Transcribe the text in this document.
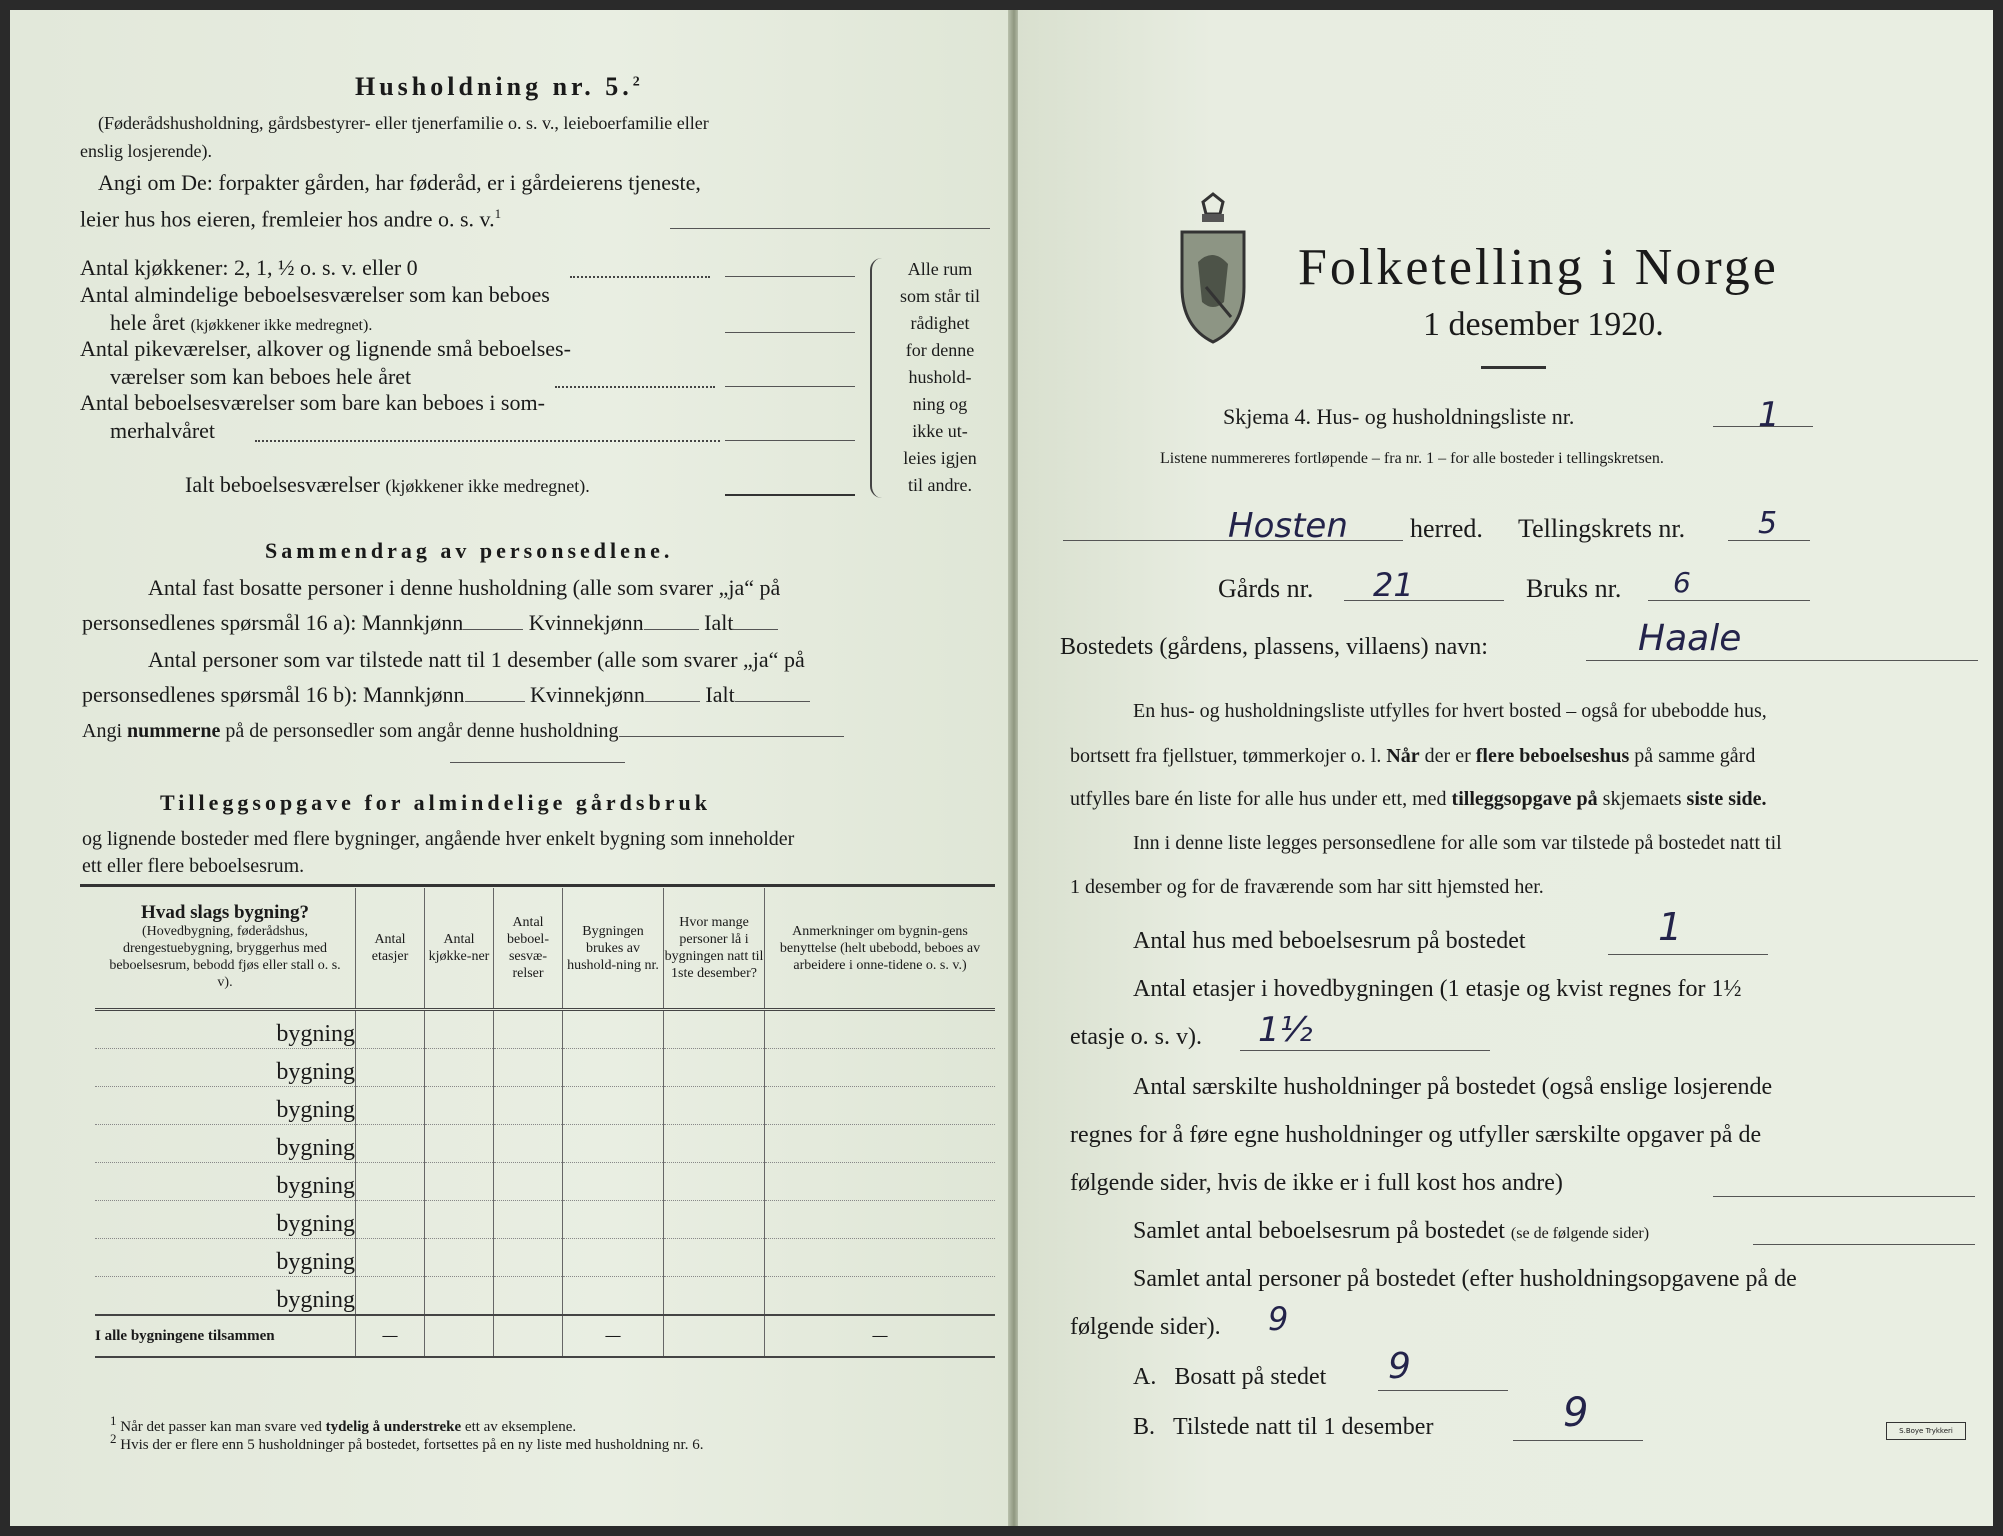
Husholdning nr. 5.$^2$
(Føderådshusholdning, gårdsbestyrer- eller tjenerfamilie o. s. v., leieboerfamilie eller
enslig losjerende).
Angi om De: forpakter gården, har føderåd, er i gårdeierens tjeneste,
leier hus hos eieren, fremleier hos andre o. s. v.$^1$
Antal kjøkkener: 2, 1, ½ o. s. v. eller 0
Antal almindelige beboelsesværelser som kan beboes
hele året (kjøkkener ikke medregnet).
Antal pikeværelser, alkover og lignende små beboelses-
værelser som kan beboes hele året
Antal beboelsesværelser som bare kan beboes i som-
merhalvåret
Ialt beboelsesværelser (kjøkkener ikke medregnet).
Alle rum
som står til
rådighet
for denne
hushold-
ning og
ikke ut-
leies igjen
til andre.
Sammendrag av personsedlene.
Antal fast bosatte personer i denne husholdning (alle som svarer „ja“ på
personsedlenes spørsmål 16 a): Mannkjønn	Kvinnekjønn	Ialt
Antal personer som var tilstede natt til 1 desember (alle som svarer „ja“ på
personsedlenes spørsmål 16 b): Mannkjønn	Kvinnekjønn	Ialt
Angi nummerne på de personsedler som angår denne husholdning
Tilleggsopgave for almindelige gårdsbruk
og lignende bosteder med flere bygninger, angående hver enkelt bygning som inneholder
ett eller flere beboelsesrum.
Hvad slags bygning?
(Hovedbygning, føderådshus, drengestuebygning, bryggerhus med beboelsesrum, bebodd fjøs eller stall o. s. v).	Antal etasjer	Antal kjøkke-ner	Antal beboel-sesvæ-relser	Bygningen brukes av hushold-ning nr.	Hvor mange personer lå i bygningen natt til 1ste desember?	Anmerkninger om bygnin-gens benyttelse (helt ubebodd, beboes av arbeidere i onne-tidene o. s. v.)
bygning						
bygning						
bygning						
bygning						
bygning						
bygning						
bygning						
bygning						
I alle bygningene tilsammen	—			—		—
$^1$ Når det passer kan man svare ved tydelig å understreke ett av eksemplene.
$^2$ Hvis der er flere enn 5 husholdninger på bostedet, fortsettes på en ny liste med husholdning nr. 6.
Folketelling i Norge
1 desember 1920.
Skjema 4. Hus- og husholdningsliste nr.	1
Listene nummereres fortløpende – fra nr. 1 – for alle bosteder i tellingskretsen.
Hosten herred. Tellingskrets nr. 5
Gårds nr. 21	Bruks nr. 6
Bostedets (gårdens, plassens, villaens) navn:	Haale
En hus- og husholdningsliste utfylles for hvert bosted – også for ubebodde hus,
bortsett fra fjellstuer, tømmerkojer o. l. Når der er flere beboelseshus på samme gård
utfylles bare én liste for alle hus under ett, med tilleggsopgave på skjemaets siste side.
Inn i denne liste legges personsedlene for alle som var tilstede på bostedet natt til
1 desember og for de fraværende som har sitt hjemsted her.
Antal hus med beboelsesrum på bostedet	1
Antal etasjer i hovedbygningen (1 etasje og kvist regnes for 1½
etasje o. s. v). 1½
Antal særskilte husholdninger på bostedet (også enslige losjerende
regnes for å føre egne husholdninger og utfyller særskilte opgaver på de
følgende sider, hvis de ikke er i full kost hos andre)
Samlet antal beboelsesrum på bostedet (se de følgende sider)
Samlet antal personer på bostedet (efter husholdningsopgavene på de
følgende sider). 9
A. Bosatt på stedet 9
B. Tilstede natt til 1 desember	9	S.Boye Trykkeri
